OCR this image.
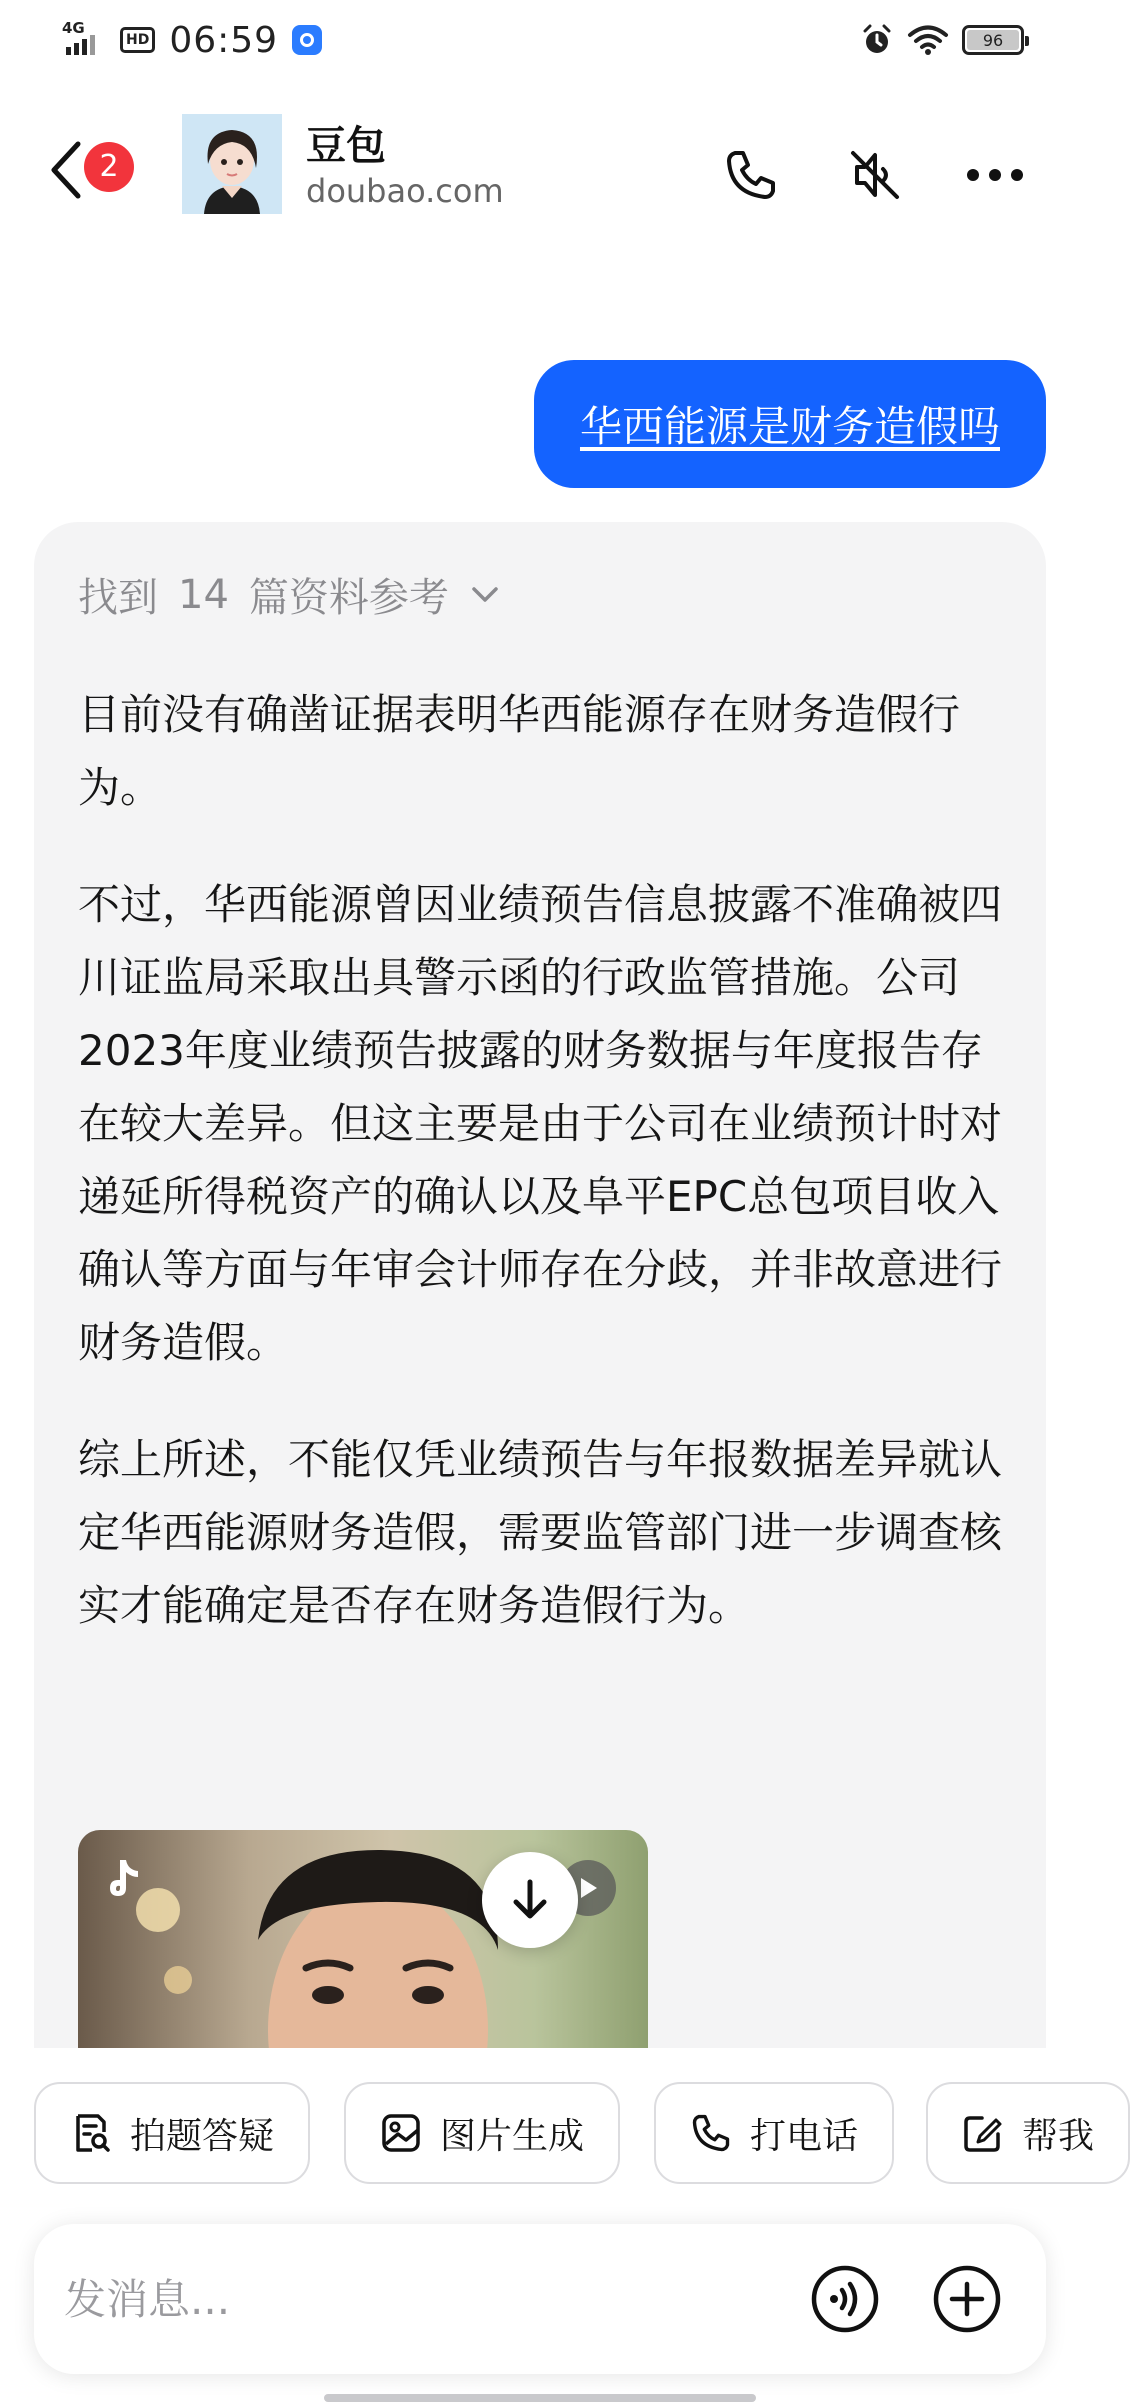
4G
HD 06:59	96
2	豆包
doubao.com
华西能源是财务造假吗
找到 14 篇资料参考

目前没有确凿证据表明华西能源存在财务造假行为。

不过，华西能源曾因业绩预告信息披露不准确被四川证监局采取出具警示函的行政监管措施。公司2023年度业绩预告披露的财务数据与年度报告存在较大差异。但这主要是由于公司在业绩预计时对递延所得税资产的确认以及阜平EPC总包项目收入确认等方面与年审会计师存在分歧，并非故意进行财务造假。

综上所述，不能仅凭业绩预告与年报数据差异就认定华西能源财务造假，需要监管部门进一步调查核实才能确定是否存在财务造假行为。

拍题答疑	图片生成	打电话	帮我
发消息...
